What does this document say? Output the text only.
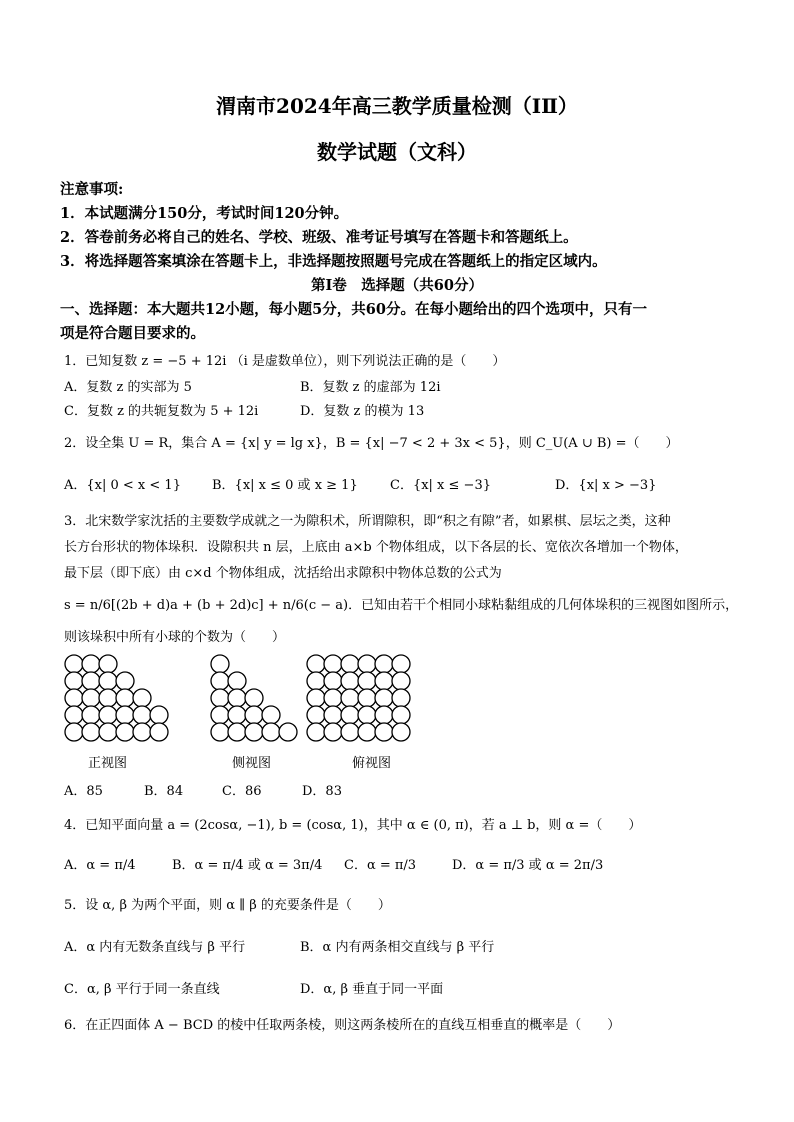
渭南市2024年高三教学质量检测（IⅡ）
数学试题（文科）
注意事项:
1．本试题满分150分，考试时间120分钟。
2．答卷前务必将自己的姓名、学校、班级、准考证号填写在答题卡和答题纸上。
3．将选择题答案填涂在答题卡上，非选择题按照题号完成在答题纸上的指定区域内。
第Ⅰ卷　选择题（共60分）
一、选择题：本大题共12小题，每小题5分，共60分。在每小题给出的四个选项中，只有一
项是符合题目要求的。
1．已知复数 z = −5 + 12i （i 是虚数单位），则下列说法正确的是（　　）
A．复数 z 的实部为 5	B．复数 z 的虚部为 12i
C．复数 z 的共轭复数为 5 + 12i	D．复数 z 的模为 13
2．设全集 U = R，集合 A = {x| y = lg x}，B = {x| −7 < 2 + 3x < 5}，则 C_U(A ∪ B) =（　　）
A．{x| 0 < x < 1} B．{x| x ≤ 0 或 x ≥ 1} C．{x| x ≤ −3}	D．{x| x > −3}
3．北宋数学家沈括的主要数学成就之一为隙积术，所谓隙积，即“积之有隙”者，如累棋、层坛之类，这种
长方台形状的物体垛积．设隙积共 n 层，上底由 a×b 个物体组成，以下各层的长、宽依次各增加一个物体，
最下层（即下底）由 c×d 个物体组成，沈括给出求隙积中物体总数的公式为
s = n/6[(2b + d)a + (b + 2d)c] + n/6(c − a)．已知由若干个相同小球粘黏组成的几何体垛积的三视图如图所示，
则该垛积中所有小球的个数为（　　）
正视图	侧视图	俯视图
A．85	B．84	C．86	D．83
4．已知平面向量 a = (2cosα, −1), b = (cosα, 1)，其中 α ∈ (0, π)，若 a ⊥ b，则 α =（　　）
A．α = π/4	B．α = π/4 或 α = 3π/4 C．α = π/3	D．α = π/3 或 α = 2π/3
5．设 α, β 为两个平面，则 α ∥ β 的充要条件是（　　）
A．α 内有无数条直线与 β 平行	B．α 内有两条相交直线与 β 平行
C．α, β 平行于同一条直线	D．α, β 垂直于同一平面
6．在正四面体 A − BCD 的棱中任取两条棱，则这两条棱所在的直线互相垂直的概率是（　　）
